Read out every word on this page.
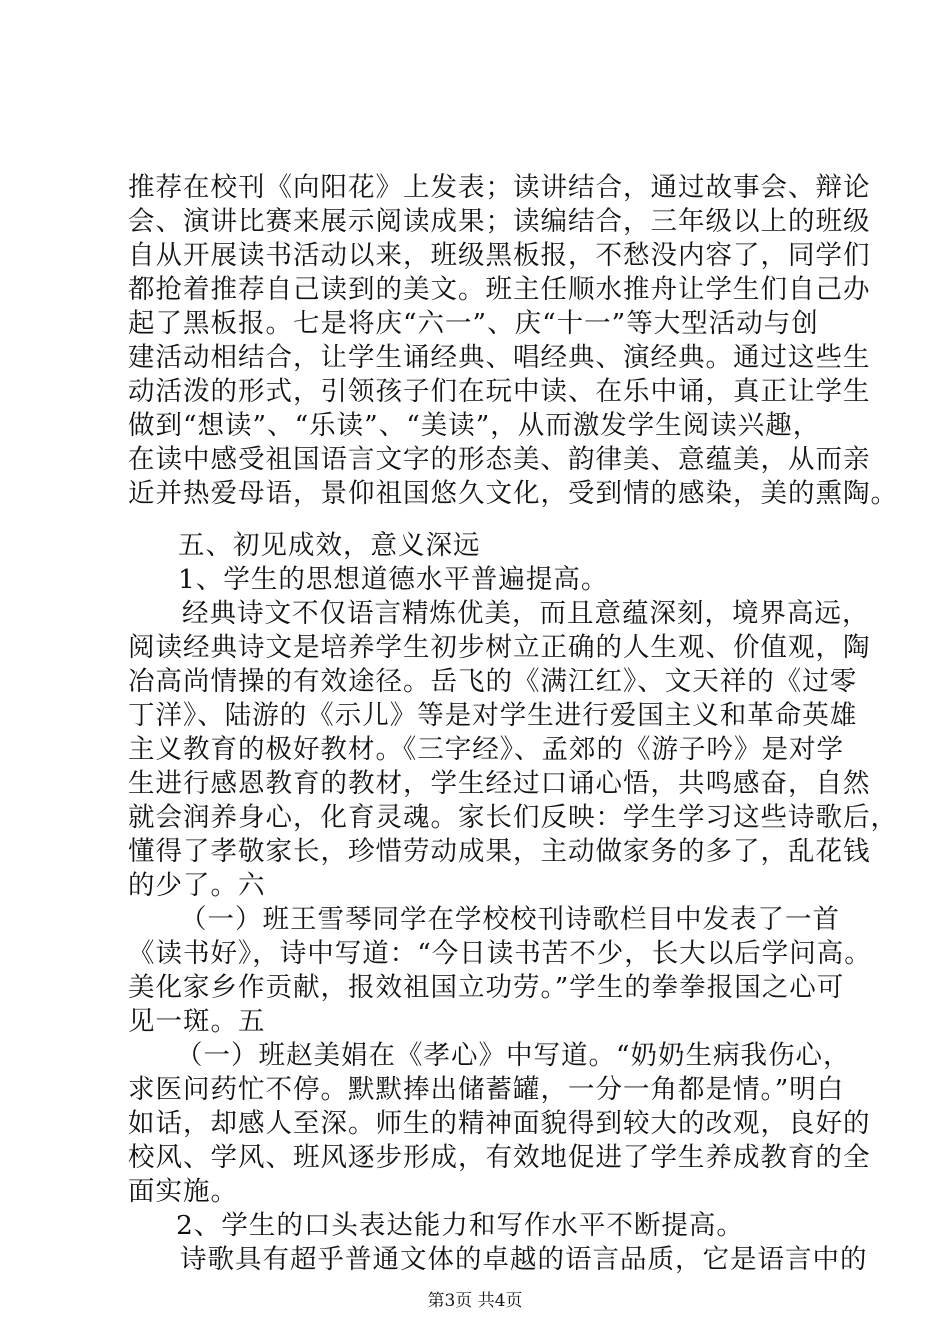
推荐在校刊《向阳花》上发表；读讲结合，通过故事会、辩论
会、演讲比赛来展示阅读成果；读编结合，三年级以上的班级
自从开展读书活动以来，班级黑板报，不愁没内容了，同学们
都抢着推荐自己读到的美文。班主任顺水推舟让学生们自己办
起了黑板报。七是将庆“六一”、庆“十一”等大型活动与创
建活动相结合，让学生诵经典、唱经典、演经典。通过这些生
动活泼的形式，引领孩子们在玩中读、在乐中诵，真正让学生
做到“想读”、“乐读”、“美读”，从而激发学生阅读兴趣，
在读中感受祖国语言文字的形态美、韵律美、意蕴美，从而亲
近并热爱母语，景仰祖国悠久文化，受到情的感染，美的熏陶。
五、初见成效，意义深远
1、学生的思想道德水平普遍提高。
经典诗文不仅语言精炼优美，而且意蕴深刻，境界高远，
阅读经典诗文是培养学生初步树立正确的人生观、价值观，陶
冶高尚情操的有效途径。岳飞的《满江红》、文天祥的《过零
丁洋》、陆游的《示儿》等是对学生进行爱国主义和革命英雄
主义教育的极好教材。《三字经》、孟郊的《游子吟》是对学
生进行感恩教育的教材，学生经过口诵心悟，共鸣感奋，自然
就会润养身心，化育灵魂。家长们反映：学生学习这些诗歌后，
懂得了孝敬家长，珍惜劳动成果，主动做家务的多了，乱花钱
的少了。六
（一）班王雪琴同学在学校校刊诗歌栏目中发表了一首
《读书好》，诗中写道：“今日读书苦不少，长大以后学问高。
美化家乡作贡献，报效祖国立功劳。”学生的拳拳报国之心可
见一斑。五
（一）班赵美娟在《孝心》中写道。“奶奶生病我伤心，
求医问药忙不停。默默捧出储蓄罐，一分一角都是情。”明白
如话，却感人至深。师生的精神面貌得到较大的改观，良好的
校风、学风、班风逐步形成，有效地促进了学生养成教育的全
面实施。
2、学生的口头表达能力和写作水平不断提高。
诗歌具有超乎普通文体的卓越的语言品质，它是语言中的
第3页 共4页
